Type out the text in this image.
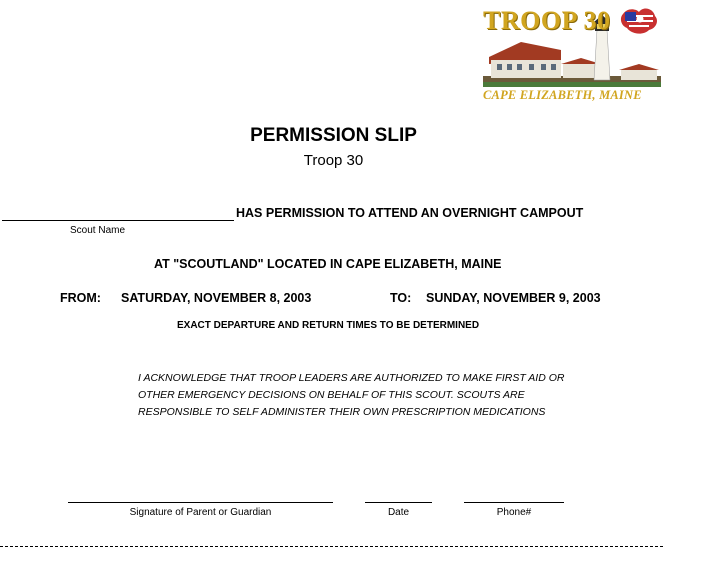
TROOP 30
CAPE ELIZABETH, MAINE
PERMISSION SLIP
Troop 30
HAS PERMISSION TO ATTEND AN OVERNIGHT CAMPOUT
Scout Name
AT "SCOUTLAND" LOCATED IN CAPE ELIZABETH, MAINE
FROM: SATURDAY, NOVEMBER 8, 2003	TO: SUNDAY, NOVEMBER 9, 2003
EXACT DEPARTURE AND RETURN TIMES TO BE DETERMINED
I ACKNOWLEDGE THAT TROOP LEADERS ARE AUTHORIZED TO MAKE FIRST AID OR
OTHER EMERGENCY DECISIONS ON BEHALF OF THIS SCOUT. SCOUTS ARE
RESPONSIBLE TO SELF ADMINISTER THEIR OWN PRESCRIPTION MEDICATIONS
Signature of Parent or Guardian	Date	Phone#
